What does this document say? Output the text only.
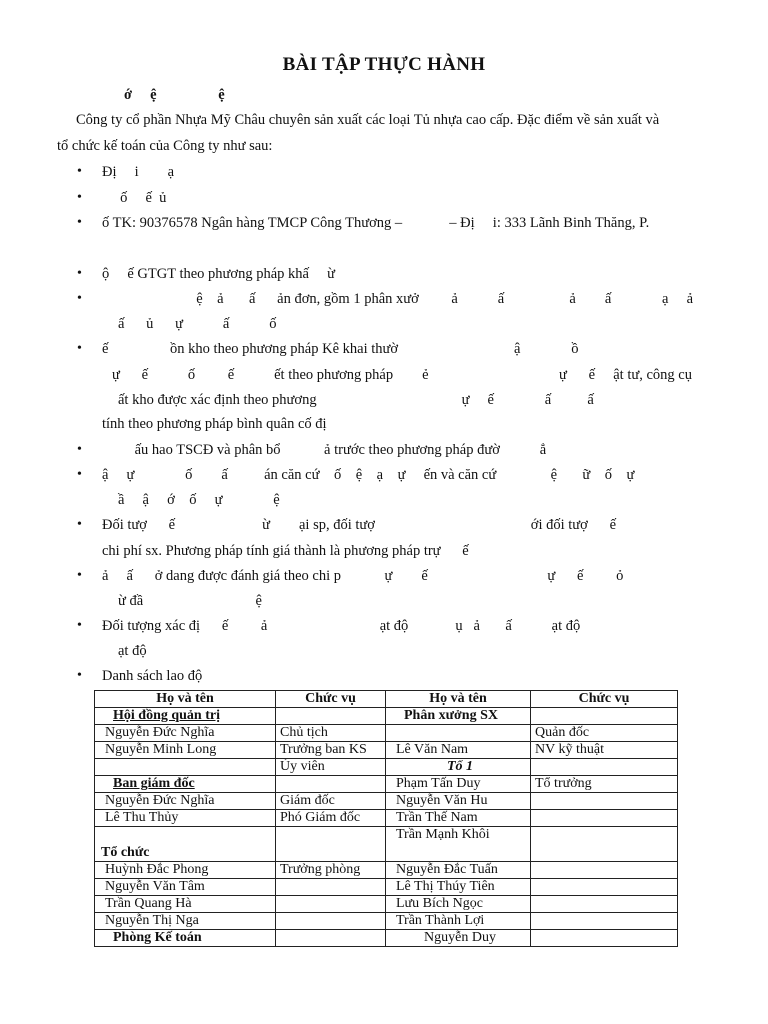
BÀI TẬP THỰC HÀNH
ớ     ệ                 ệ
Công ty cổ phần Nhựa Mỹ Châu chuyên sản xuất các loại Tủ nhựa cao cấp. Đặc điểm về sản xuất và
tổ chức kế toán của Công ty như sau:
•
•
•
•
•
•
•
•
•
•
•
•
Đị     i        ạ
ố     ế  ủ
ố TK: 90376578 Ngân hàng TMCP Công Thương –             – Đị     i: 333 Lãnh Binh Thăng, P.
ộ     ế GTGT theo phương pháp khấ     ừ
ệ    ả       ấ      ản đơn, gồm 1 phân xưở         ả           ấ                  ả        ấ              ạ     ả
ấ      ủ      ự           ấ           ố
ế                 ồn kho theo phương pháp Kê khai thườ                                ậ              ồ
ự      ế           ố         ế           ết theo phương pháp        ẻ                                    ự      ế     ật tư, công cụ
ất kho được xác định theo phương                                        ự     ế              ấ          ấ
tính theo phương pháp bình quân cố đị
ấu hao TSCĐ và phân bổ            ả trước theo phương pháp đườ           ẳ
ậ     ự              ố        ấ          án căn cứ    ố    ệ    ạ    ự     ến và căn cứ               ệ       ữ    ố    ự
ầ     ậ     ớ    ố     ự              ệ
Đối tượ      ế                        ừ        ại sp, đối tượ                                           ới đối tượ      ế
chi phí sx. Phương pháp tính giá thành là phương pháp trự      ế
ả     ấ      ở dang được đánh giá theo chi p            ự        ế                                 ự      ế         ỏ
ừ đầ                               ệ
Đối tượng xác đị      ế         ả                               ạt độ             ụ   ả       ấ           ạt độ
ạt độ
Danh sách lao độ
Họ và tên	Chức vụ	Họ và tên	Chức vụ
Hội đồng quản trị		Phân xưởng SX	
Nguyễn Đức Nghĩa	Chủ tịch		Quản đốc
Nguyễn Minh Long	Trưởng ban KS	Lê Văn Nam	NV kỹ thuật
	Ủy viên	Tổ 1	
Ban giám đốc		Phạm Tấn Duy	Tổ trưởng
Nguyễn Đức Nghĩa	Giám đốc	Nguyễn Văn Hu	
Lê Thu Thủy	Phó Giám đốc	Trần Thế Nam	
Tổ chức		Trần Mạnh Khôi	
Huỳnh Đắc Phong	Trưởng phòng	Nguyễn Đắc Tuấn	
Nguyễn Văn Tâm		Lê Thị Thúy Tiên	
Trần Quang Hà		Lưu Bích Ngọc	
Nguyễn Thị Nga		Trần Thành Lợi	
Phòng Kế toán		Nguyễn Duy	
